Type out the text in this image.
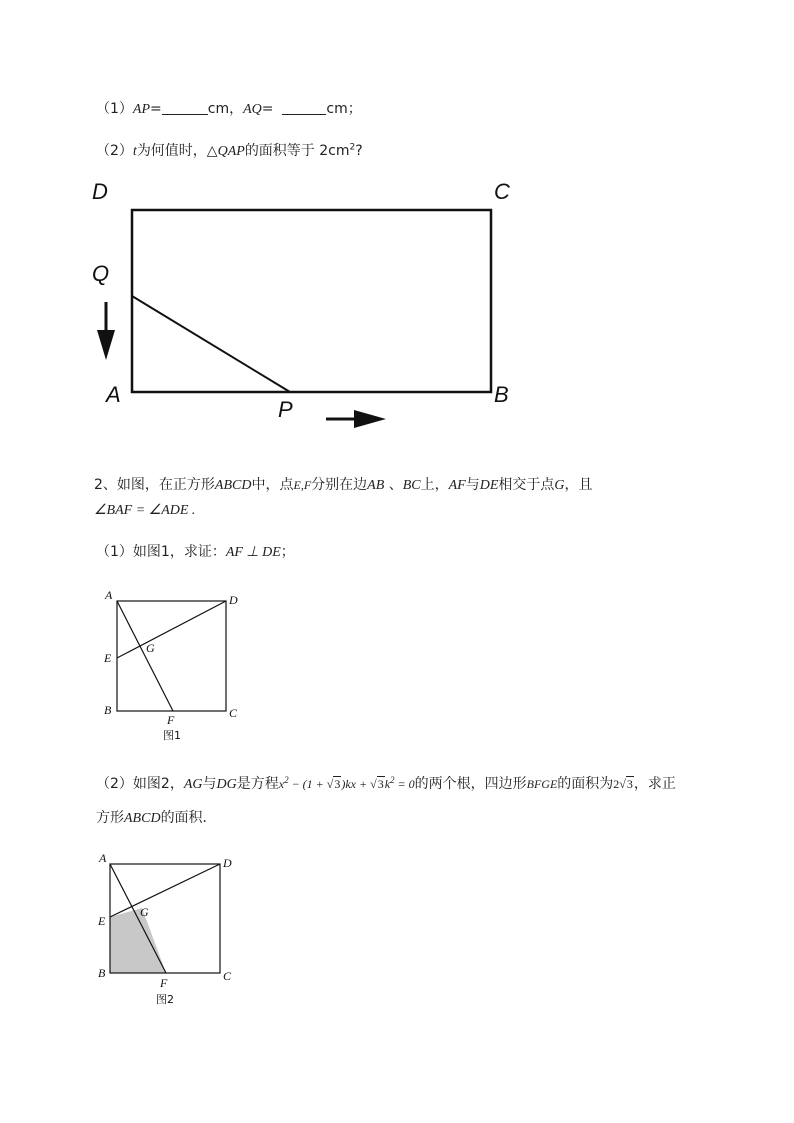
（1）AP=	cm，AQ=	cm；
（2）t为何值时，△QAP的面积等于 $2cm^2$?
D	C
Q
A	B
P
2、如图，在正方形ABCD中，点E,F分别在边AB 、BC上，AF与DE相交于点G，且
∠BAF = ∠ADE .
（1）如图1，求证：AF ⊥ DE；
A	D
E
G
B
F	C
图1
（2）如图2，AG与DG是方程$x^2 - (1 + √3)kx + √3k^2 = 0$的两个根，四边形BFGE的面积为2√3，求正
方形ABCD的面积．
A	D
E
G
B
F	C
图2
